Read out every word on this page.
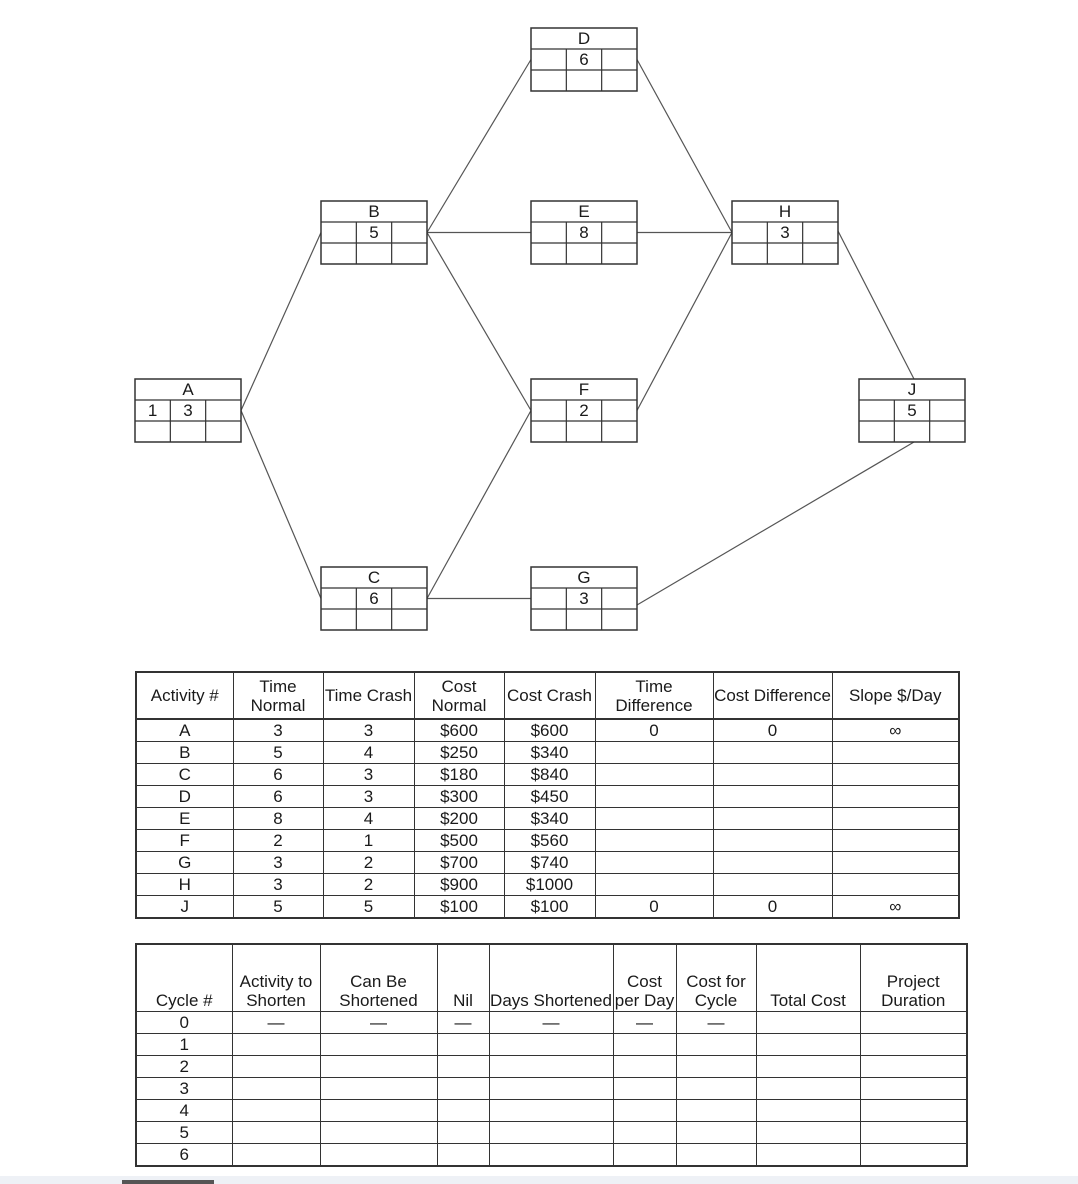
A
3
1
B
5
C
6
D
6
E
8
F
2
G
3
H
3
J
5
Activity #	Time Normal	Time Crash	Cost Normal	Cost Crash	Time Difference	Cost Difference	Slope $/Day
A	3	3	$600	$600	0	0	∞
B	5	4	$250	$340			
C	6	3	$180	$840			
D	6	3	$300	$450			
E	8	4	$200	$340			
F	2	1	$500	$560			
G	3	2	$700	$740			
H	3	2	$900	$1000			
J	5	5	$100	$100	0	0	∞
Cycle #	Activity to Shorten	Can Be Shortened	Nil	Days Shortened	Cost per Day	Cost for Cycle	Total Cost	Project Duration
0	—	—	—	—	—	—		
1								
2								
3								
4								
5								
6								
